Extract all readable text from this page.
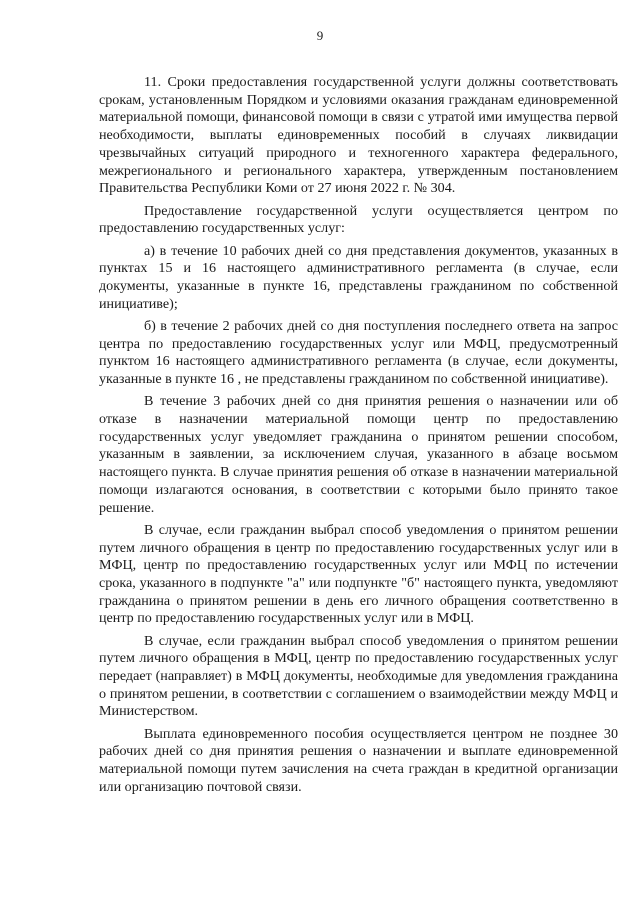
9

11. Сроки предоставления государственной услуги должны соответствовать срокам, установленным Порядком и условиями оказания гражданам единовременной материальной помощи, финансовой помощи в связи с утратой ими имущества первой необходимости, выплаты единовременных пособий в случаях ликвидации чрезвычайных ситуаций природного и техногенного характера федерального, межрегионального и регионального характера, утвержденным постановлением Правительства Республики Коми от 27 июня 2022 г. № 304.

Предоставление государственной услуги осуществляется центром по предоставлению государственных услуг:

а) в течение 10 рабочих дней со дня представления документов, указанных в пунктах 15 и 16 настоящего административного регламента (в случае, если документы, указанные в пункте 16, представлены гражданином по собственной инициативе);

б) в течение 2 рабочих дней со дня поступления последнего ответа на запрос центра по предоставлению государственных услуг или МФЦ, предусмотренный пунктом 16 настоящего административного регламента (в случае, если документы, указанные в пункте 16 , не представлены гражданином по собственной инициативе).

В течение 3 рабочих дней со дня принятия решения о назначении или об отказе в назначении материальной помощи центр по предоставлению государственных услуг уведомляет гражданина о принятом решении способом, указанным в заявлении, за исключением случая, указанного в абзаце восьмом настоящего пункта. В случае принятия решения об отказе в назначении материальной помощи излагаются основания, в соответствии с которыми было принято такое решение.

В случае, если гражданин выбрал способ уведомления о принятом решении путем личного обращения в центр по предоставлению государственных услуг или в МФЦ, центр по предоставлению государственных услуг или МФЦ по истечении срока, указанного в подпункте "а" или подпункте "б" настоящего пункта, уведомляют гражданина о принятом решении в день его личного обращения соответственно в центр по предоставлению государственных услуг или в МФЦ.

В случае, если гражданин выбрал способ уведомления о принятом решении путем личного обращения в МФЦ, центр по предоставлению государственных услуг передает (направляет) в МФЦ документы, необходимые для уведомления гражданина о принятом решении, в соответствии с соглашением о взаимодействии между МФЦ и Министерством.

Выплата единовременного пособия осуществляется центром не позднее 30 рабочих дней со дня принятия решения о назначении и выплате единовременной материальной помощи путем зачисления на счета граждан в кредитной организации или организацию почтовой связи.
